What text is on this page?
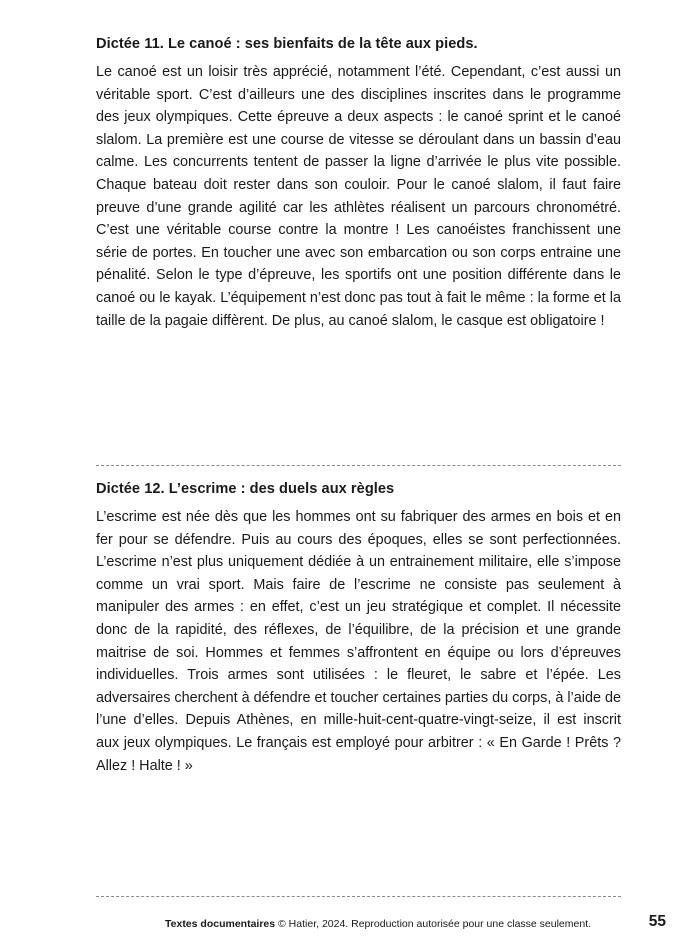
Dictée 11. Le canoé : ses bienfaits de la tête aux pieds.

Le canoé est un loisir très apprécié, notamment l’été. Cependant, c’est aussi un véritable sport. C’est d’ailleurs une des disciplines inscrites dans le programme des jeux olympiques. Cette épreuve a deux aspects : le canoé sprint et le canoé slalom. La première est une course de vitesse se déroulant dans un bassin d’eau calme. Les concurrents tentent de passer la ligne d’arrivée le plus vite possible. Chaque bateau doit rester dans son couloir. Pour le canoé slalom, il faut faire preuve d’une grande agilité car les athlètes réalisent un parcours chronométré. C’est une véritable course contre la montre ! Les canoéistes franchissent une série de portes. En toucher une avec son embarcation ou son corps entraine une pénalité. Selon le type d’épreuve, les sportifs ont une position différente dans le canoé ou le kayak. L’équipement n’est donc pas tout à fait le même : la forme et la taille de la pagaie diffèrent. De plus, au canoé slalom, le casque est obligatoire !

Dictée 12. L’escrime : des duels aux règles

L’escrime est née dès que les hommes ont su fabriquer des armes en bois et en fer pour se défendre. Puis au cours des époques, elles se sont perfectionnées. L’escrime n’est plus uniquement dédiée à un entrainement militaire, elle s’impose comme un vrai sport. Mais faire de l’escrime ne consiste pas seulement à manipuler des armes : en effet, c’est un jeu stratégique et complet. Il nécessite donc de la rapidité, des réflexes, de l’équilibre, de la précision et une grande maitrise de soi. Hommes et femmes s’affrontent en équipe ou lors d’épreuves individuelles. Trois armes sont utilisées : le fleuret, le sabre et l’épée. Les adversaires cherchent à défendre et toucher certaines parties du corps, à l’aide de l’une d’elles. Depuis Athènes, en mille-huit-cent-quatre-vingt-seize, il est inscrit aux jeux olympiques. Le français est employé pour arbitrer : « En Garde ! Prêts ? Allez ! Halte ! »

Textes documentaires © Hatier, 2024. Reproduction autorisée pour une classe seulement.	55
